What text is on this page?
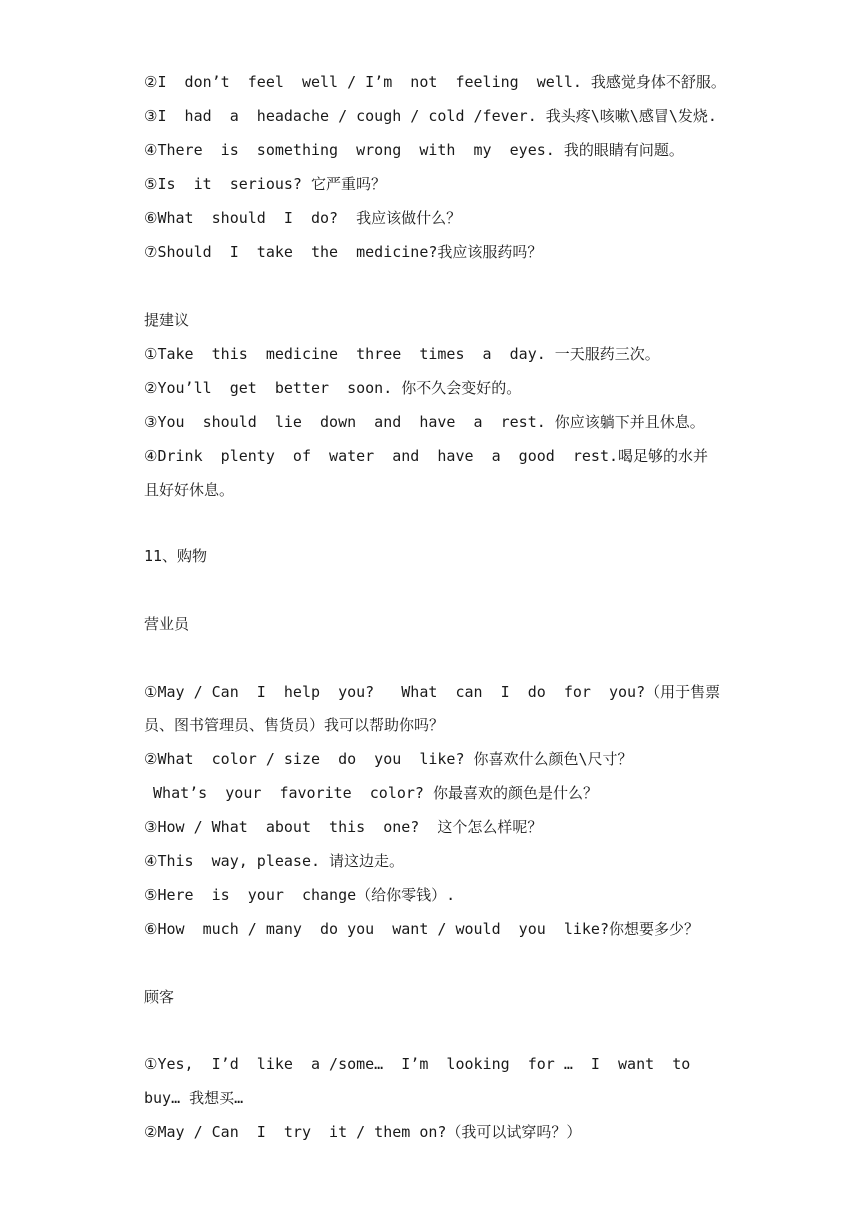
②I  don’t  feel  well / I’m  not  feeling  well. 我感觉身体不舒服。
③I  had  a  headache / cough / cold /fever. 我头疼\咳嗽\感冒\发烧.
④There  is  something  wrong  with  my  eyes. 我的眼睛有问题。
⑤Is  it  serious? 它严重吗？
⑥What  should  I  do?  我应该做什么？
⑦Should  I  take  the  medicine?我应该服药吗？
提建议
①Take  this  medicine  three  times  a  day. 一天服药三次。
②You’ll  get  better  soon. 你不久会变好的。
③You  should  lie  down  and  have  a  rest. 你应该躺下并且休息。
④Drink  plenty  of  water  and  have  a  good  rest.喝足够的水并
且好好休息。
11、购物
营业员
①May / Can  I  help  you?   What  can  I  do  for  you?（用于售票
员、图书管理员、售货员）我可以帮助你吗？
②What  color / size  do  you  like? 你喜欢什么颜色\尺寸？
What’s  your  favorite  color? 你最喜欢的颜色是什么？
③How / What  about  this  one?  这个怎么样呢？
④This  way, please. 请这边走。
⑤Here  is  your  change（给你零钱）.
⑥How  much / many  do you  want / would  you  like?你想要多少？
顾客
①Yes,  I’d  like  a /some…  I’m  looking  for …  I  want  to
buy… 我想买…
②May / Can  I  try  it / them on?（我可以试穿吗？）
